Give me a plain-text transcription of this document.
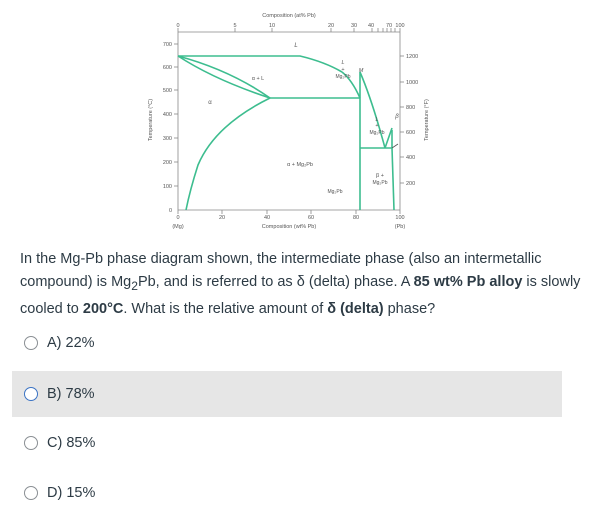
Composition (at% Pb)
0	5	10	20	30 40 70 100
700
600
500
400
300
200
100
0
Temperature (°C)
1200
1000
800
600
400
200
Temperature (°F)
0	20	40	60	80	100
(Mg)	(Pb)
Composition (wt% Pb)
L
α + L
α
α + Mg₂Pb
L
+
Mg₂Pb
M
Mg₂Pb
L
+
Mg₂Pb
β
β +
Mg₂Pb
In the Mg-Pb phase diagram shown, the intermediate phase (also an intermetallic compound) is $Mg_2Pb$, and is referred to as δ (delta) phase. A 85 wt% Pb alloy is slowly cooled to 200°C. What is the relative amount of δ (delta) phase?
A) 22%
B) 78%
C) 85%
D) 15%
